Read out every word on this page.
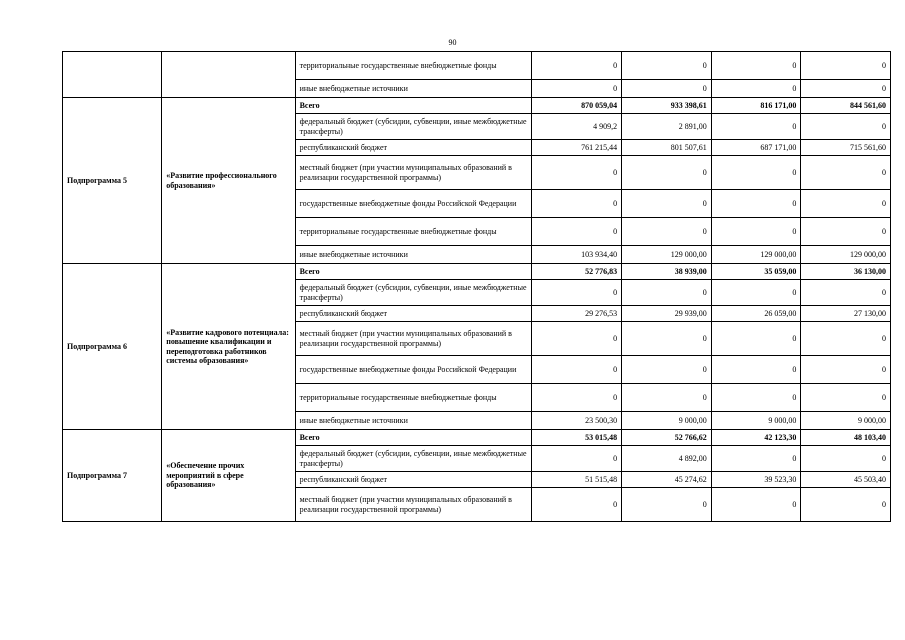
90
		территориальные государственные внебюджетные фонды	0	0	0	0
		иные внебюджетные источники	0	0	0	0
Подпрограмма 5	«Развитие профессионального образования»	Всего	870 059,04	933 398,61	816 171,00	844 561,60
		федеральный бюджет (субсидии, субвенции, иные межбюджетные трансферты)	4 909,2	2 891,00	0	0
		республиканский бюджет	761 215,44	801 507,61	687 171,00	715 561,60
		местный бюджет (при участии муниципальных образований в реализации государственной программы)	0	0	0	0
		государственные внебюджетные фонды Российской Федерации	0	0	0	0
		территориальные государственные внебюджетные фонды	0	0	0	0
		иные внебюджетные источники	103 934,40	129 000,00	129 000,00	129 000,00
Подпрограмма 6	«Развитие кадрового потенциала: повышение квалификации и переподготовка работников системы образования»	Всего	52 776,83	38 939,00	35 059,00	36 130,00
		федеральный бюджет (субсидии, субвенции, иные межбюджетные трансферты)	0	0	0	0
		республиканский бюджет	29 276,53	29 939,00	26 059,00	27 130,00
		местный бюджет (при участии муниципальных образований в реализации государственной программы)	0	0	0	0
		государственные внебюджетные фонды Российской Федерации	0	0	0	0
		территориальные государственные внебюджетные фонды	0	0	0	0
		иные внебюджетные источники	23 500,30	9 000,00	9 000,00	9 000,00
Подпрограмма 7	«Обеспечение прочих мероприятий в сфере образования»	Всего	53 015,48	52 766,62	42 123,30	48 103,40
		федеральный бюджет (субсидии, субвенции, иные межбюджетные трансферты)	0	4 892,00	0	0
		республиканский бюджет	51 515,48	45 274,62	39 523,30	45 503,40
		местный бюджет (при участии муниципальных образований в реализации государственной программы)	0	0	0	0
